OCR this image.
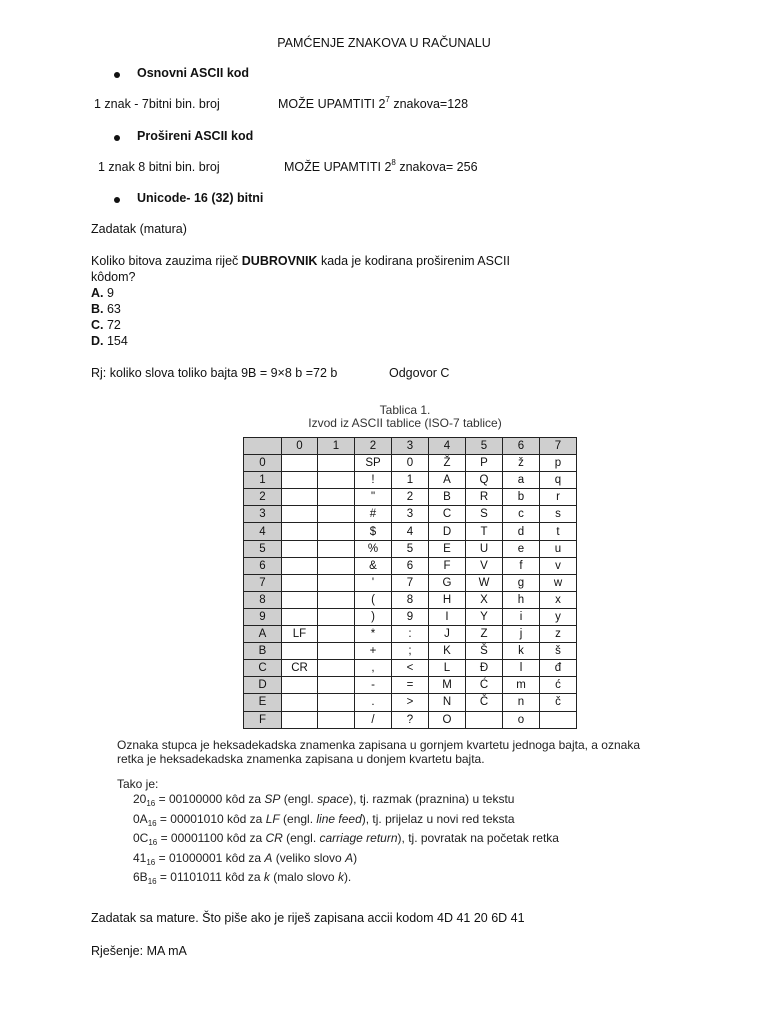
PAMĆENJE ZNAKOVA U RAČUNALU
Osnovni ASCII kod
1 znak - 7bitni bin. broj	MOŽE UPAMTITI $2^7$ znakova=128
Prošireni ASCII kod
1 znak 8 bitni bin. broj	MOŽE UPAMTITI $2^8$ znakova= 256
Unicode- 16 (32) bitni
Zadatak (matura)
Koliko bitova zauzima riječ DUBROVNIK kada je kodirana proširenim ASCII
kôdom?
A. 9
B. 63
C. 72
D. 154
Rj: koliko slova toliko bajta 9B = 9×8 b =72 b	Odgovor C
Tablica 1.
Izvod iz ASCII tablice (ISO-7 tablice)
	0	1	2	3	4	5	6	7
0			SP	0	Ž	P	ž	p
1			!	1	A	Q	a	q
2			"	2	B	R	b	r
3			#	3	C	S	c	s
4			$	4	D	T	d	t
5			%	5	E	U	e	u
6			&	6	F	V	f	v
7			'	7	G	W	g	w
8			(	8	H	X	h	x
9			)	9	I	Y	i	y
A	LF		*	:	J	Z	j	z
B			+	;	K	Š	k	š
C	CR		,	<	L	Đ	l	đ
D			-	=	M	Ć	m	ć
E			.	>	N	Č	n	č
F			/	?	O		o	
Oznaka stupca je heksadekadska znamenka zapisana u gornjem kvartetu jednoga bajta, a oznaka
retka je heksadekadska znamenka zapisana u donjem kvartetu bajta.
Tako je:
$20_{16} = 00100000$ kôd za SP (engl. space), tj. razmak (praznina) u tekstu
$0A_{16} = 00001010$ kôd za LF (engl. line feed), tj. prijelaz u novi red teksta
$0C_{16} = 00001100$ kôd za CR (engl. carriage return), tj. povratak na početak retka
$41_{16} = 01000001$ kôd za A (veliko slovo A)
$6B_{16} = 01101011$ kôd za k (malo slovo k).
Zadatak sa mature. Što piše ako je riješ zapisana accii kodom 4D 41 20 6D 41
Rješenje: MA mA
